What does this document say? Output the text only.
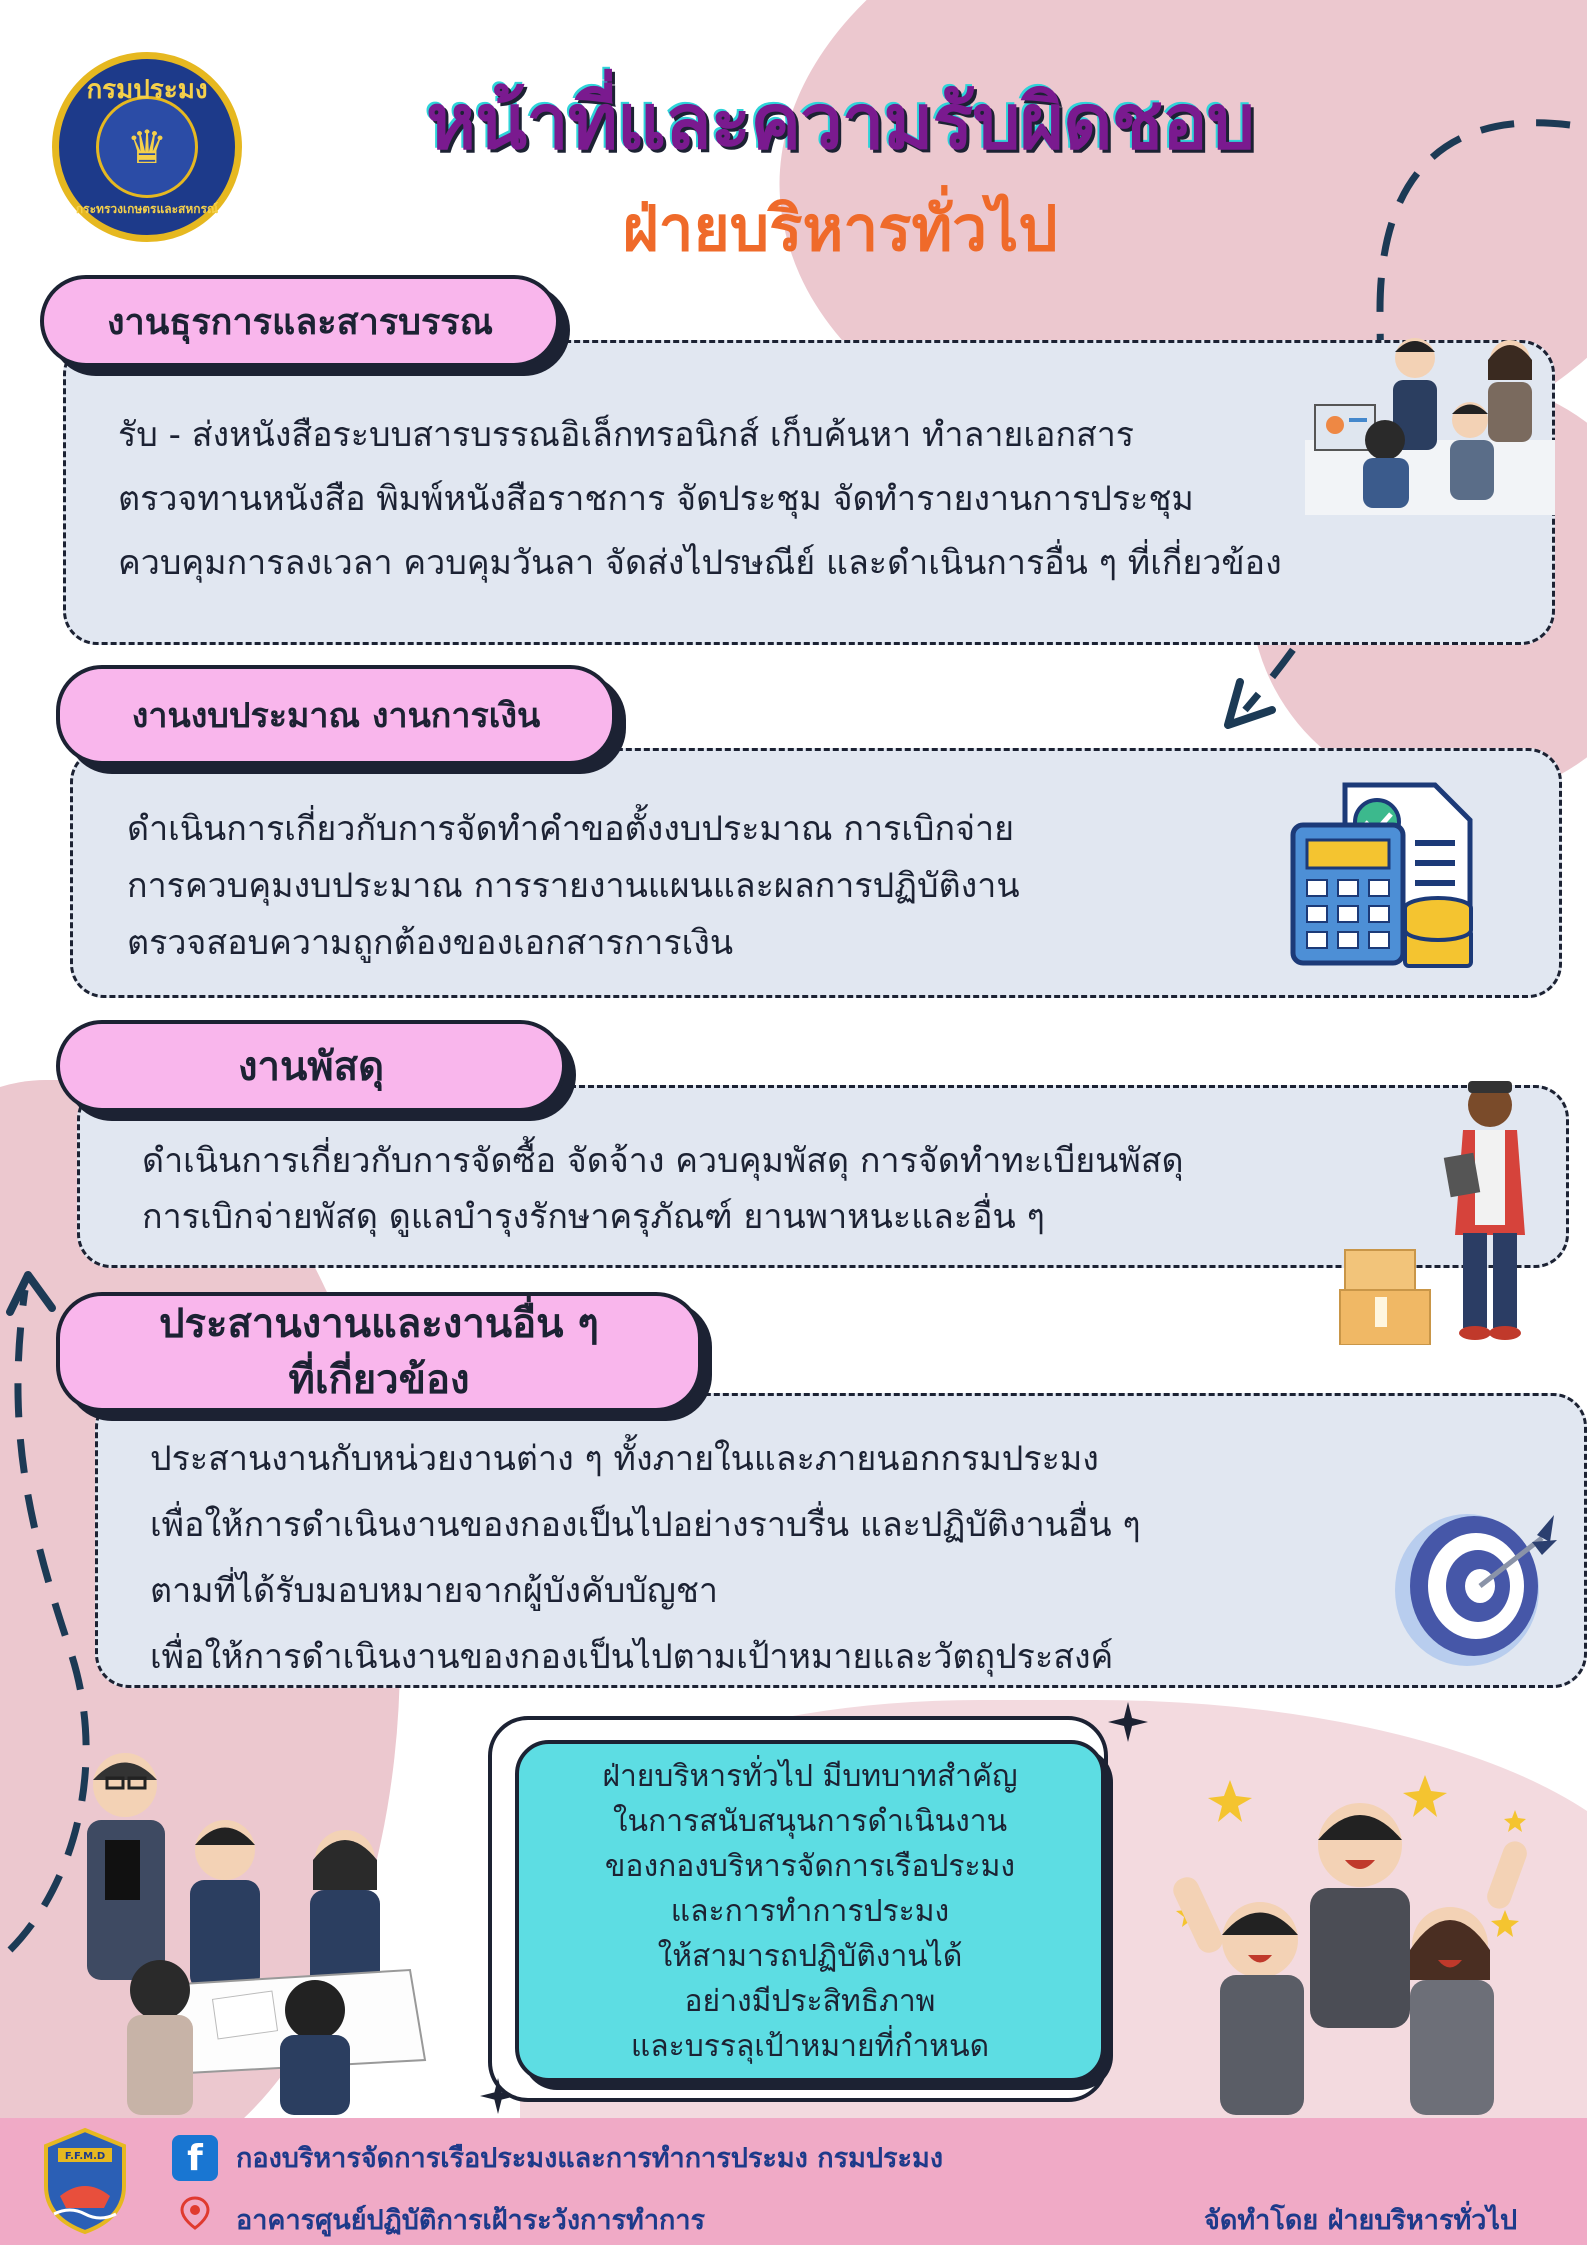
กรมประมง
♛
กระทรวงเกษตรและสหกรณ์
หน้าที่และความรับผิดชอบ
ฝ่ายบริหารทั่วไป
งานธุรการและสารบรรณ
รับ - ส่งหนังสือระบบสารบรรณอิเล็กทรอนิกส์ เก็บค้นหา ทำลายเอกสาร
ตรวจทานหนังสือ พิมพ์หนังสือราชการ จัดประชุม จัดทำรายงานการประชุม
ควบคุมการลงเวลา ควบคุมวันลา จัดส่งไปรษณีย์ และดำเนินการอื่น ๆ ที่เกี่ยวข้อง
งานงบประมาณ งานการเงิน
ดำเนินการเกี่ยวกับการจัดทำคำขอตั้งงบประมาณ การเบิกจ่าย
การควบคุมงบประมาณ การรายงานแผนและผลการปฏิบัติงาน
ตรวจสอบความถูกต้องของเอกสารการเงิน
งานพัสดุ
ดำเนินการเกี่ยวกับการจัดซื้อ จัดจ้าง ควบคุมพัสดุ การจัดทำทะเบียนพัสดุ
การเบิกจ่ายพัสดุ ดูแลบำรุงรักษาครุภัณฑ์ ยานพาหนะและอื่น ๆ
ประสานงานและงานอื่น ๆ
ที่เกี่ยวข้อง
ประสานงานกับหน่วยงานต่าง ๆ ทั้งภายในและภายนอกกรมประมง
เพื่อให้การดำเนินงานของกองเป็นไปอย่างราบรื่น และปฏิบัติงานอื่น ๆ
ตามที่ได้รับมอบหมายจากผู้บังคับบัญชา
เพื่อให้การดำเนินงานของกองเป็นไปตามเป้าหมายและวัตถุประสงค์
ฝ่ายบริหารทั่วไป มีบทบาทสำคัญ
ในการสนับสนุนการดำเนินงาน
ของกองบริหารจัดการเรือประมง
และการทำการประมง
ให้สามารถปฏิบัติงานได้
อย่างมีประสิทธิภาพ
และบรรลุเป้าหมายที่กำหนด
F.F.M.D	f	กองบริหารจัดการเรือประมงและการทำการประมง กรมประมง
อาคารศูนย์ปฏิบัติการเฝ้าระวังการทำการ	จัดทำโดย ฝ่ายบริหารทั่วไป
